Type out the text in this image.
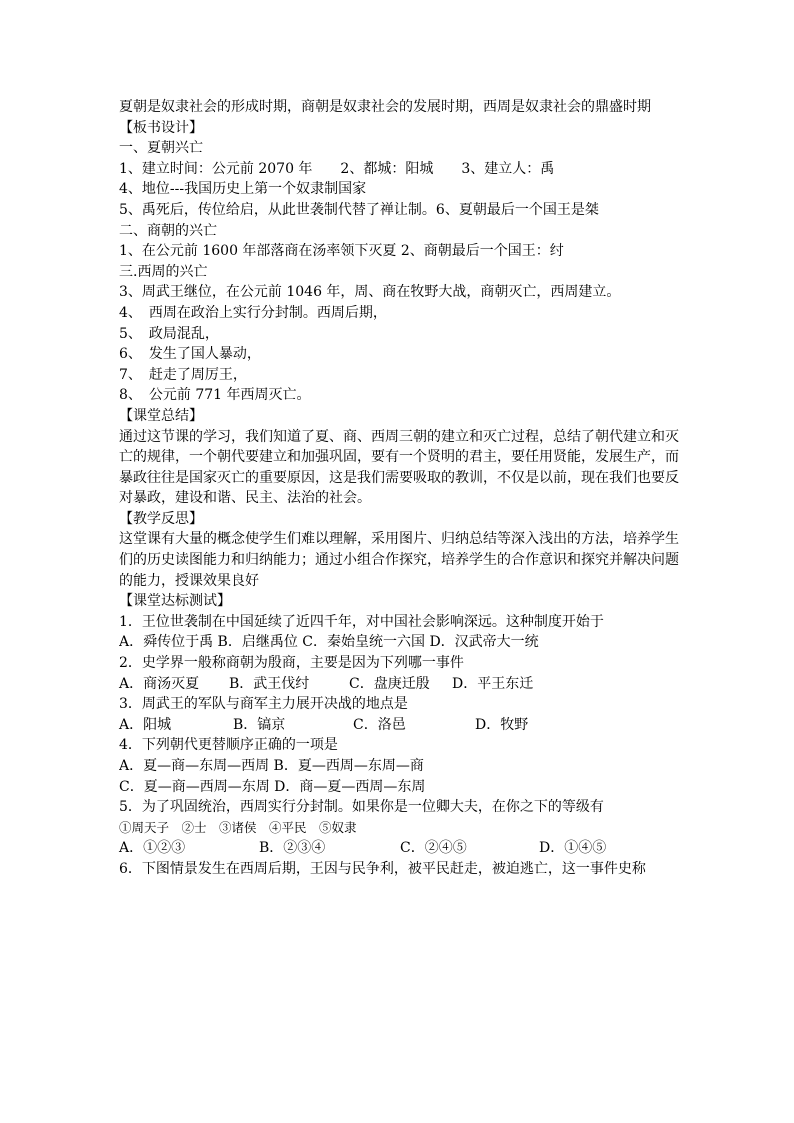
夏朝是奴隶社会的形成时期，商朝是奴隶社会的发展时期，西周是奴隶社会的鼎盛时期
【板书设计】
一、夏朝兴亡
1、建立时间：公元前 2070 年　　2、都城：阳城　　3、建立人：禹
4、地位---我国历史上第一个奴隶制国家
5、禹死后，传位给启，从此世袭制代替了禅让制。6、夏朝最后一个国王是桀
二、商朝的兴亡
1、在公元前 1600 年部落商在汤率领下灭夏 2、商朝最后一个国王：纣
三.西周的兴亡
3、周武王继位，在公元前 1046 年，周、商在牧野大战，商朝灭亡，西周建立。
4、　西周在政治上实行分封制。西周后期，
5、　政局混乱，
6、　发生了国人暴动，
7、　赶走了周厉王，
8、　公元前 771 年西周灭亡。
【课堂总结】
通过这节课的学习，我们知道了夏、商、西周三朝的建立和灭亡过程，总结了朝代建立和灭亡的规律，一个朝代要建立和加强巩固，要有一个贤明的君主，要任用贤能，发展生产，而暴政往往是国家灭亡的重要原因，这是我们需要吸取的教训，不仅是以前，现在我们也要反对暴政，建设和谐、民主、法治的社会。
【教学反思】
这堂课有大量的概念使学生们难以理解，采用图片、归纳总结等深入浅出的方法，培养学生们的历史读图能力和归纳能力；通过小组合作探究，培养学生的合作意识和探究并解决问题的能力，授课效果良好
【课堂达标测试】
1．王位世袭制在中国延续了近四千年，对中国社会影响深远。这种制度开始于
A．舜传位于禹 B．启继禹位 C．秦始皇统一六国 D．汉武帝大一统
2．史学界一般称商朝为殷商，主要是因为下列哪一事件
A．商汤灭夏	B．武王伐纣	C．盘庚迁殷	D．平王东迁
3．周武王的军队与商军主力展开决战的地点是
A．阳城	B．镐京	C．洛邑	D．牧野
4．下列朝代更替顺序正确的一项是
A．夏—商—东周—西周 B．夏—西周—东周—商
C．夏—商—西周—东周 D．商—夏—西周—东周
5．为了巩固统治，西周实行分封制。如果你是一位卿大夫，在你之下的等级有
①周天子　②士　③诸侯　④平民　⑤奴隶
A．①②③	B．②③④	C．②④⑤	D．①④⑤
6．下图情景发生在西周后期，王因与民争利，被平民赶走，被迫逃亡，这一事件史称
